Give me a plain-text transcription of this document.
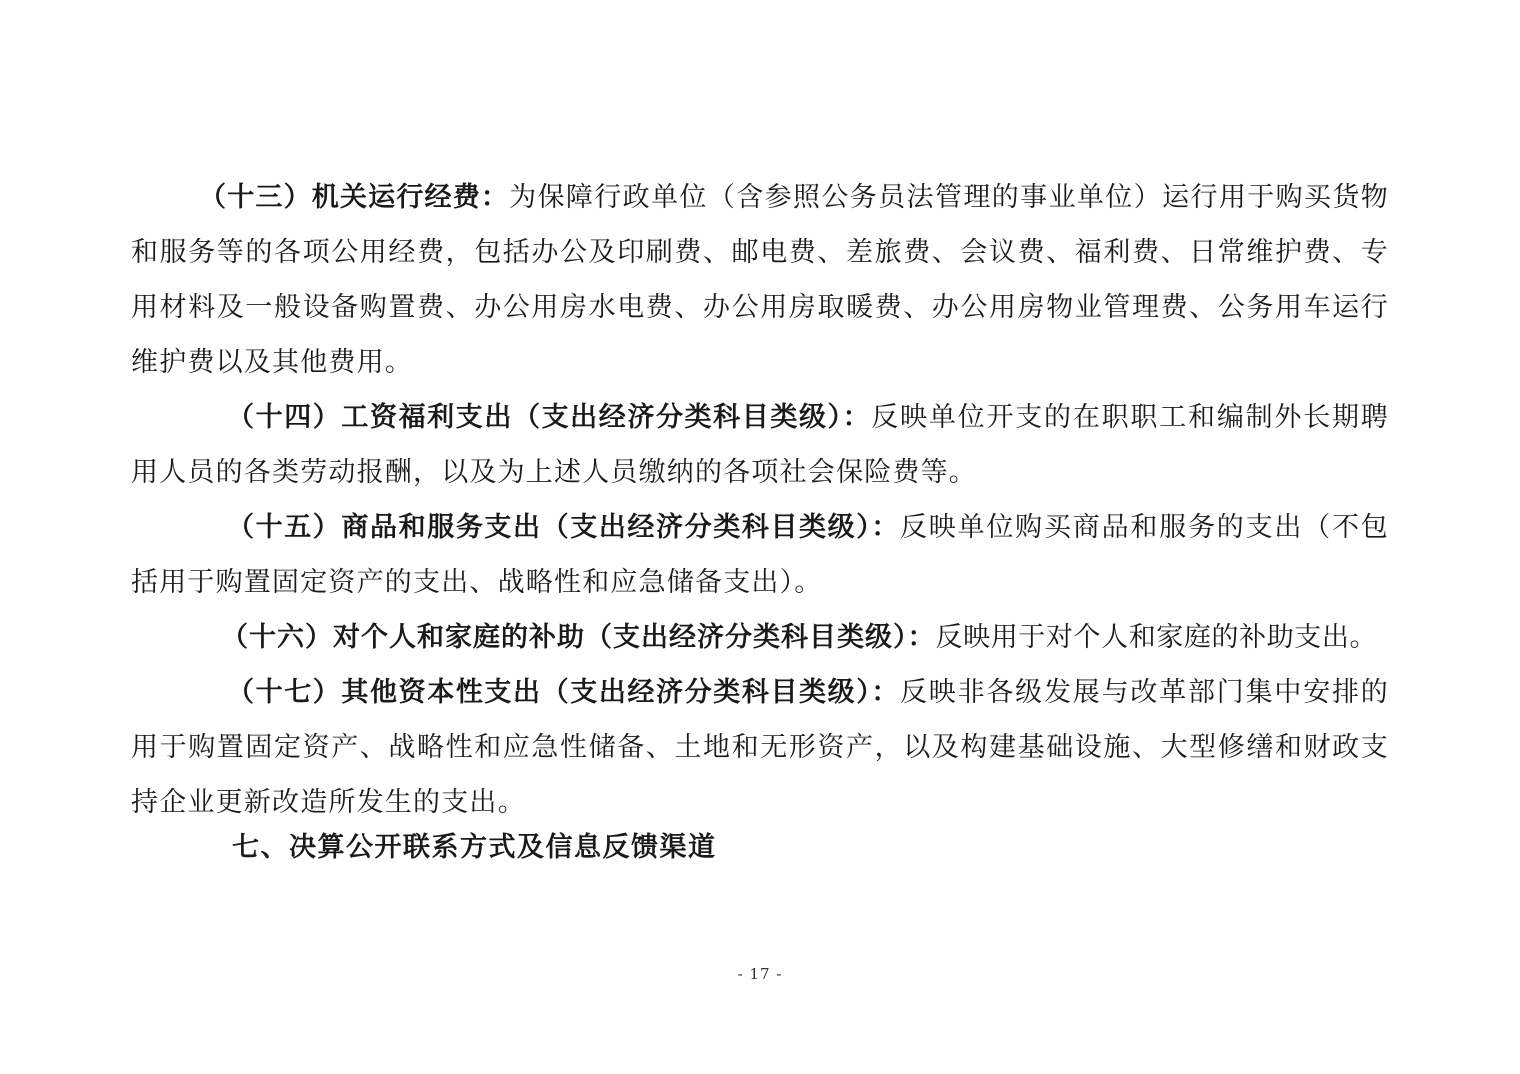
（十三）机关运行经费：为保障行政单位（含参照公务员法管理的事业单位）运行用于购买货物和服务等的各项公用经费，包括办公及印刷费、邮电费、差旅费、会议费、福利费、日常维护费、专用材料及一般设备购置费、办公用房水电费、办公用房取暖费、办公用房物业管理费、公务用车运行维护费以及其他费用。

（十四）工资福利支出（支出经济分类科目类级）：反映单位开支的在职职工和编制外长期聘用人员的各类劳动报酬，以及为上述人员缴纳的各项社会保险费等。

（十五）商品和服务支出（支出经济分类科目类级）：反映单位购买商品和服务的支出（不包括用于购置固定资产的支出、战略性和应急储备支出）。

（十六）对个人和家庭的补助（支出经济分类科目类级）：反映用于对个人和家庭的补助支出。

（十七）其他资本性支出（支出经济分类科目类级）：反映非各级发展与改革部门集中安排的用于购置固定资产、战略性和应急性储备、土地和无形资产，以及构建基础设施、大型修缮和财政支持企业更新改造所发生的支出。

七、决算公开联系方式及信息反馈渠道
- 17 -
